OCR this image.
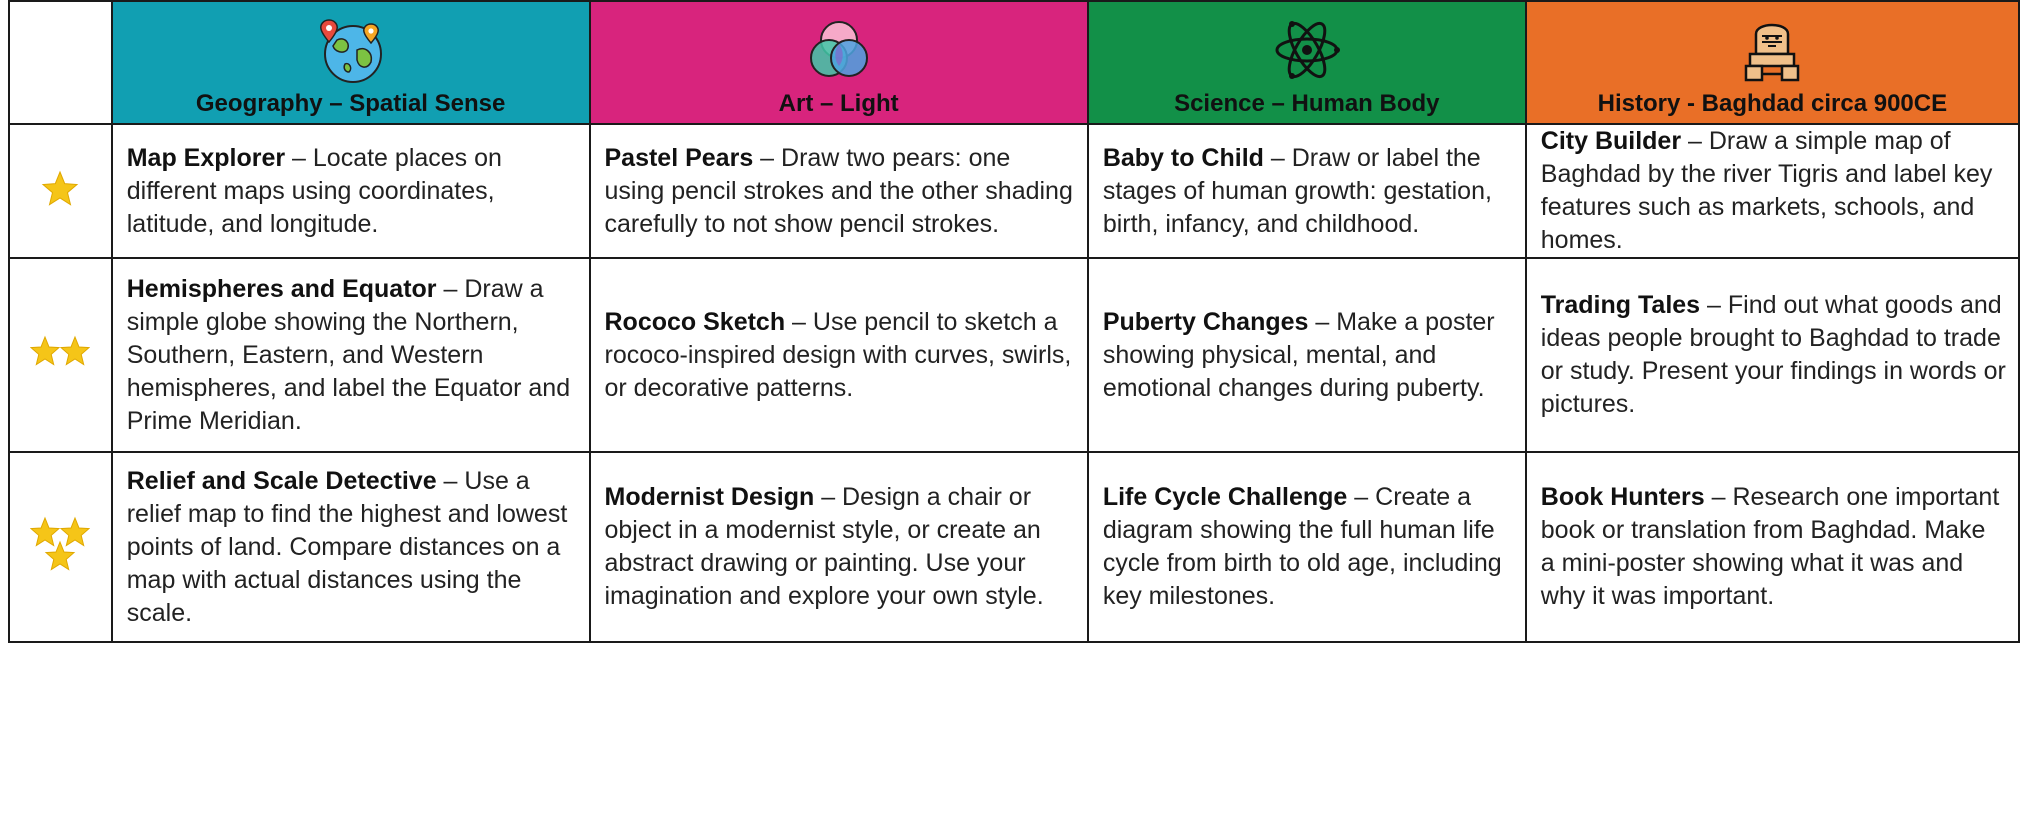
	Geography – Spatial Sense	Art – Light	Science – Human Body	History - Baghdad circa 900CE

	Map Explorer – Locate places on different maps using coordinates, latitude, and longitude.	Pastel Pears – Draw two pears: one using pencil strokes and the other shading carefully to not show pencil strokes.	Baby to Child – Draw or label the stages of human growth: gestation, birth, infancy, and childhood.	City Builder – Draw a simple map of Baghdad by the river Tigris and label key features such as markets, schools, and homes.
	Hemispheres and Equator – Draw a simple globe showing the Northern, Southern, Eastern, and Western hemispheres, and label the Equator and Prime Meridian.	Rococo Sketch – Use pencil to sketch a rococo-inspired design with curves, swirls, or decorative patterns.	Puberty Changes – Make a poster showing physical, mental, and emotional changes during puberty.	Trading Tales – Find out what goods and ideas people brought to Baghdad to trade or study. Present your findings in words or pictures.
	Relief and Scale Detective – Use a relief map to find the highest and lowest points of land. Compare distances on a map with actual distances using the scale.	Modernist Design – Design a chair or object in a modernist style, or create an abstract drawing or painting. Use your imagination and explore your own style.	Life Cycle Challenge – Create a diagram showing the full human life cycle from birth to old age, including key milestones.	Book Hunters – Research one important book or translation from Baghdad. Make a mini-poster showing what it was and why it was important.
